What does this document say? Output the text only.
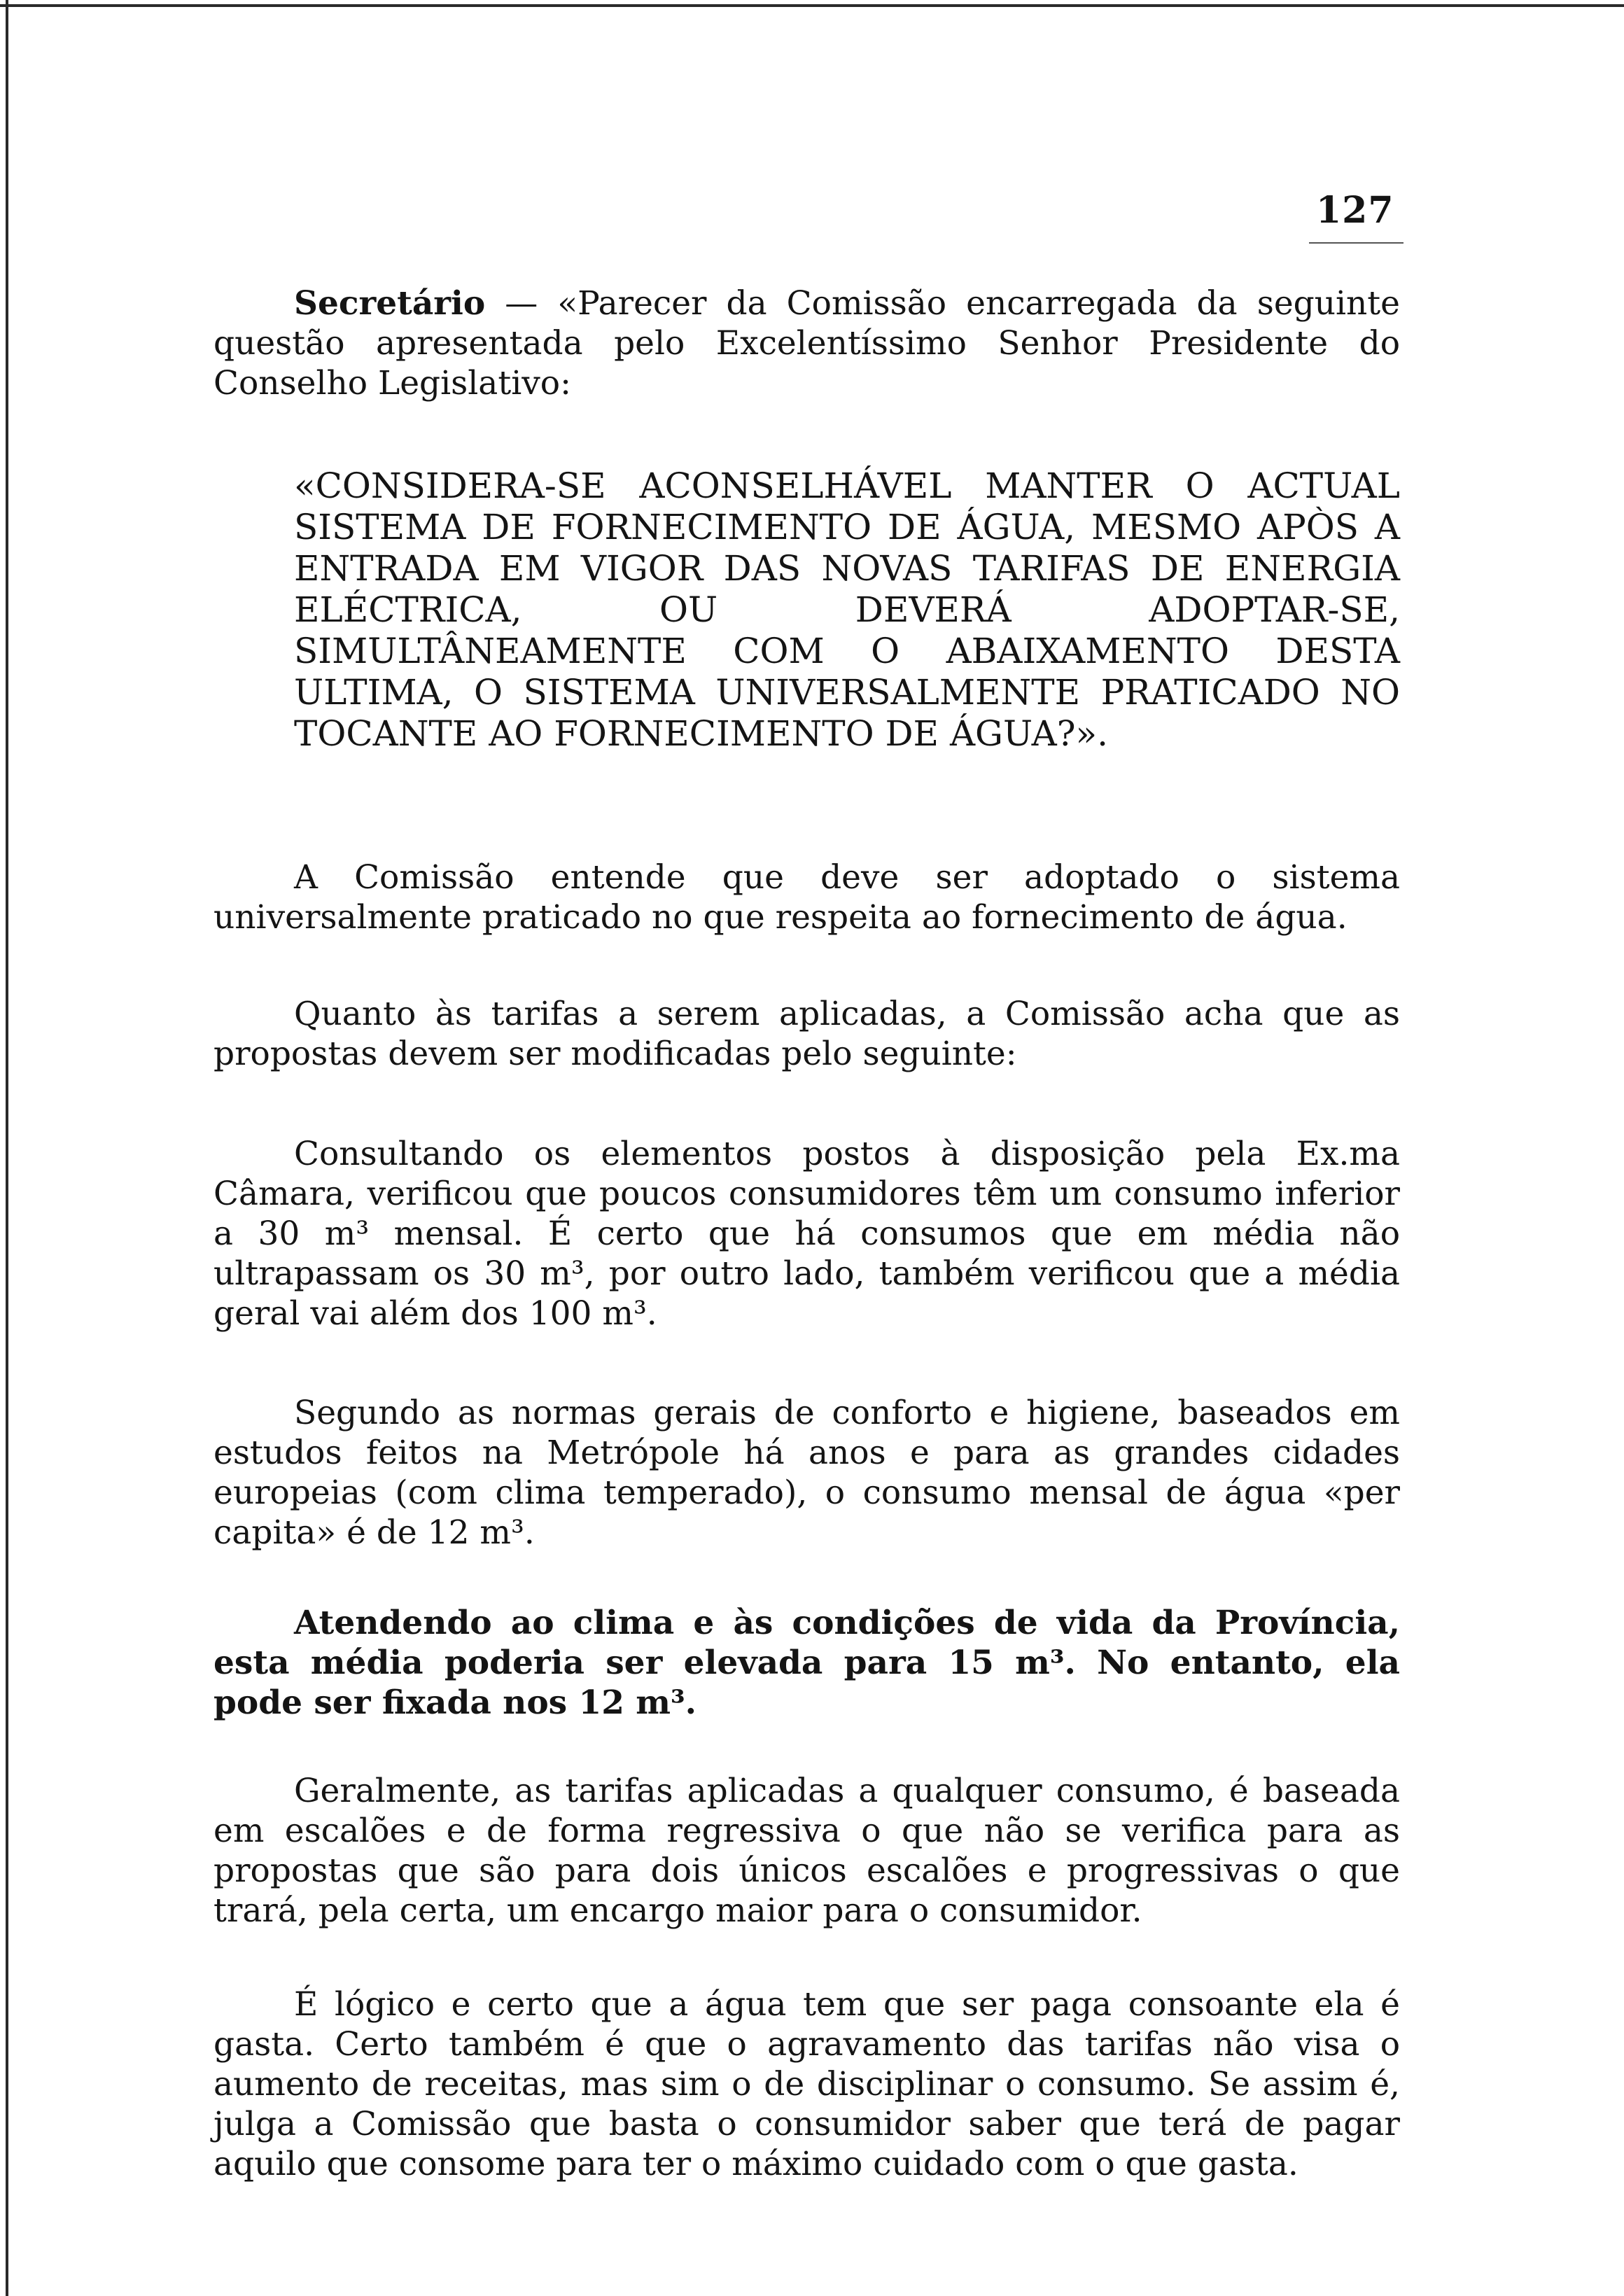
127

Secretário — «Parecer da Comissão encarregada da seguinte questão apresentada pelo Excelentíssimo Senhor Presidente do Conselho Legislativo:

«CONSIDERA-SE ACONSELHÁVEL MANTER O ACTUAL SISTEMA DE FORNECIMENTO DE ÁGUA, MESMO APÒS A ENTRADA EM VIGOR DAS NOVAS TARIFAS DE ENERGIA ELÉCTRICA, OU DEVERÁ ADOPTAR-SE, SIMULTÂNEAMENTE COM O ABAIXAMENTO DESTA ULTIMA, O SISTEMA UNIVERSALMENTE PRATICADO NO TOCANTE AO FORNECIMENTO DE ÁGUA?».

A Comissão entende que deve ser adoptado o sistema universalmente praticado no que respeita ao fornecimento de água.

Quanto às tarifas a serem aplicadas, a Comissão acha que as propostas devem ser modificadas pelo seguinte:

Consultando os elementos postos à disposição pela Ex.ma Câmara, verificou que poucos consumidores têm um consumo inferior a 30 m³ mensal. É certo que há consumos que em média não ultrapassam os 30 m³, por outro lado, também verificou que a média geral vai além dos 100 m³.

Segundo as normas gerais de conforto e higiene, baseados em estudos feitos na Metrópole há anos e para as grandes cidades europeias (com clima temperado), o consumo mensal de água «per capita» é de 12 m³.

Atendendo ao clima e às condições de vida da Província, esta média poderia ser elevada para 15 m³. No entanto, ela pode ser fixada nos 12 m³.

Geralmente, as tarifas aplicadas a qualquer consumo, é baseada em escalões e de forma regressiva o que não se verifica para as propostas que são para dois únicos escalões e progressivas o que trará, pela certa, um encargo maior para o consumidor.

É lógico e certo que a água tem que ser paga consoante ela é gasta. Certo também é que o agravamento das tarifas não visa o aumento de receitas, mas sim o de disciplinar o consumo. Se assim é, julga a Comissão que basta o consumidor saber que terá de pagar aquilo que consome para ter o máximo cuidado com o que gasta.
